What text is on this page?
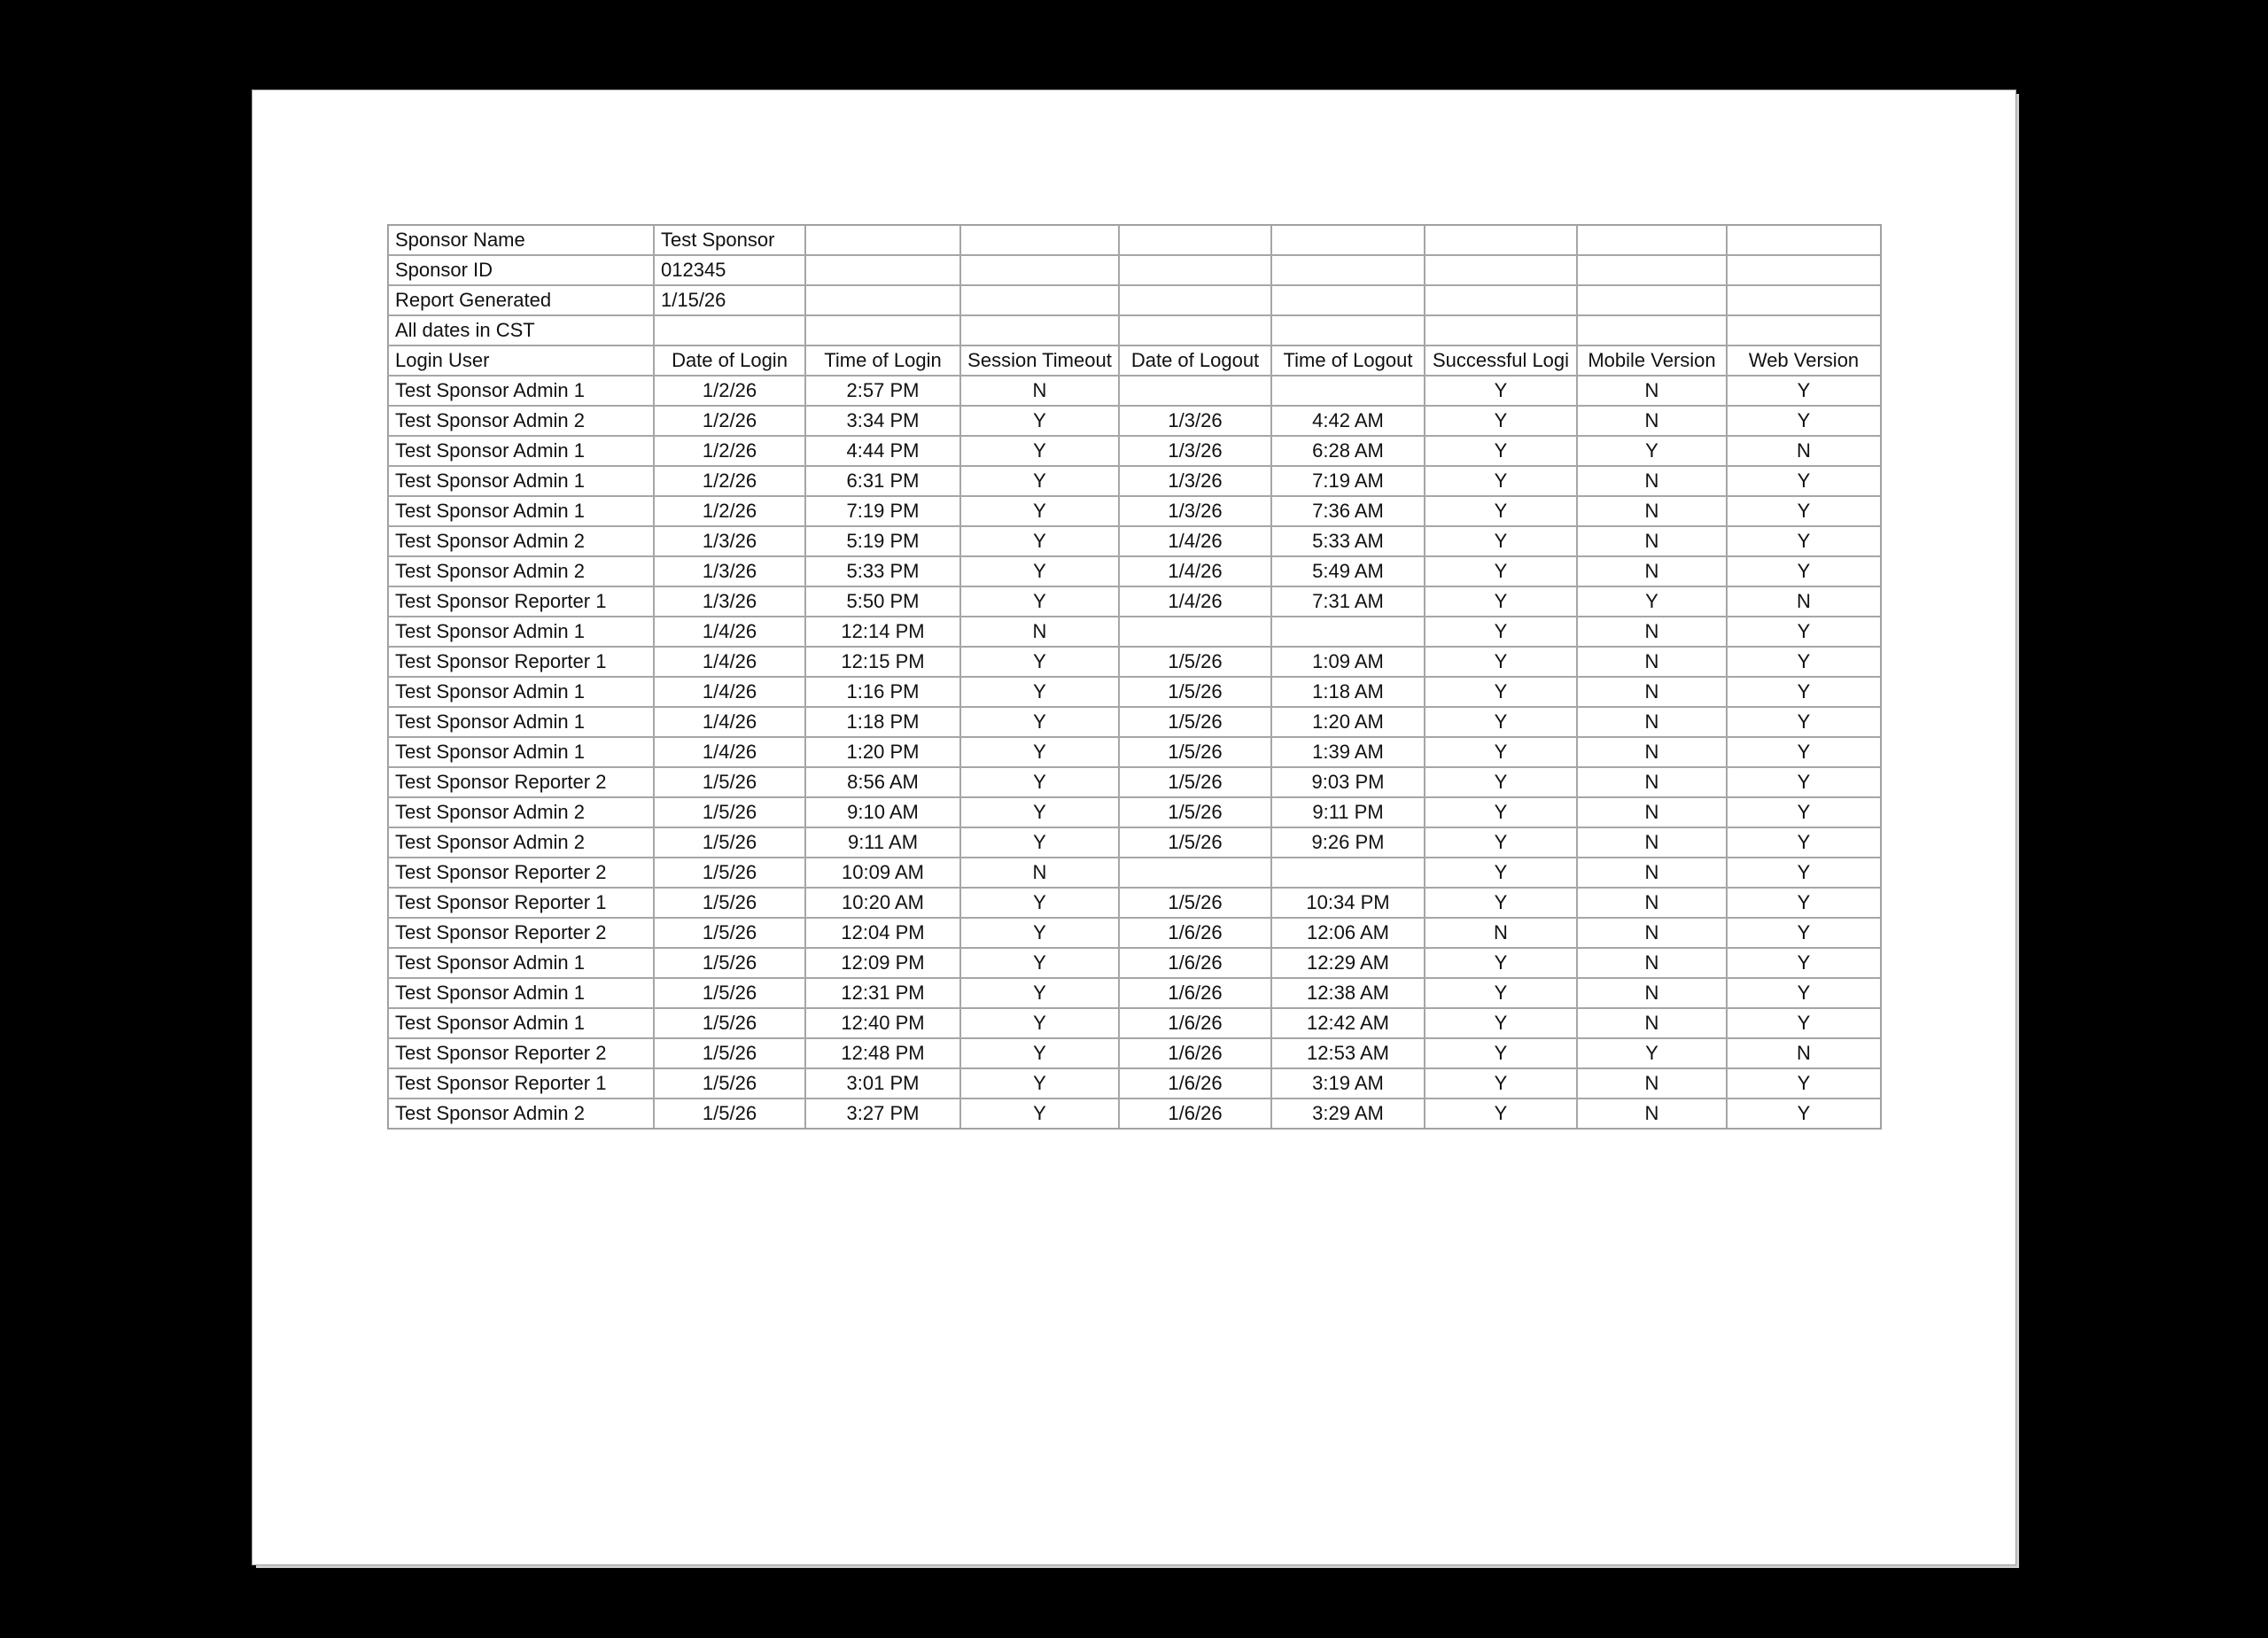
Sponsor Name	Test Sponsor							
Sponsor ID	012345							
Report Generated	1/15/26							
All dates in CST								
Login User	Date of Login	Time of Login	Session Timeout	Date of Logout	Time of Logout	Successful Logi	Mobile Version	Web Version
Test Sponsor Admin 1	1/2/26	2:57 PM	N			Y	N	Y
Test Sponsor Admin 2	1/2/26	3:34 PM	Y	1/3/26	4:42 AM	Y	N	Y
Test Sponsor Admin 1	1/2/26	4:44 PM	Y	1/3/26	6:28 AM	Y	Y	N
Test Sponsor Admin 1	1/2/26	6:31 PM	Y	1/3/26	7:19 AM	Y	N	Y
Test Sponsor Admin 1	1/2/26	7:19 PM	Y	1/3/26	7:36 AM	Y	N	Y
Test Sponsor Admin 2	1/3/26	5:19 PM	Y	1/4/26	5:33 AM	Y	N	Y
Test Sponsor Admin 2	1/3/26	5:33 PM	Y	1/4/26	5:49 AM	Y	N	Y
Test Sponsor Reporter 1	1/3/26	5:50 PM	Y	1/4/26	7:31 AM	Y	Y	N
Test Sponsor Admin 1	1/4/26	12:14 PM	N			Y	N	Y
Test Sponsor Reporter 1	1/4/26	12:15 PM	Y	1/5/26	1:09 AM	Y	N	Y
Test Sponsor Admin 1	1/4/26	1:16 PM	Y	1/5/26	1:18 AM	Y	N	Y
Test Sponsor Admin 1	1/4/26	1:18 PM	Y	1/5/26	1:20 AM	Y	N	Y
Test Sponsor Admin 1	1/4/26	1:20 PM	Y	1/5/26	1:39 AM	Y	N	Y
Test Sponsor Reporter 2	1/5/26	8:56 AM	Y	1/5/26	9:03 PM	Y	N	Y
Test Sponsor Admin 2	1/5/26	9:10 AM	Y	1/5/26	9:11 PM	Y	N	Y
Test Sponsor Admin 2	1/5/26	9:11 AM	Y	1/5/26	9:26 PM	Y	N	Y
Test Sponsor Reporter 2	1/5/26	10:09 AM	N			Y	N	Y
Test Sponsor Reporter 1	1/5/26	10:20 AM	Y	1/5/26	10:34 PM	Y	N	Y
Test Sponsor Reporter 2	1/5/26	12:04 PM	Y	1/6/26	12:06 AM	N	N	Y
Test Sponsor Admin 1	1/5/26	12:09 PM	Y	1/6/26	12:29 AM	Y	N	Y
Test Sponsor Admin 1	1/5/26	12:31 PM	Y	1/6/26	12:38 AM	Y	N	Y
Test Sponsor Admin 1	1/5/26	12:40 PM	Y	1/6/26	12:42 AM	Y	N	Y
Test Sponsor Reporter 2	1/5/26	12:48 PM	Y	1/6/26	12:53 AM	Y	Y	N
Test Sponsor Reporter 1	1/5/26	3:01 PM	Y	1/6/26	3:19 AM	Y	N	Y
Test Sponsor Admin 2	1/5/26	3:27 PM	Y	1/6/26	3:29 AM	Y	N	Y
